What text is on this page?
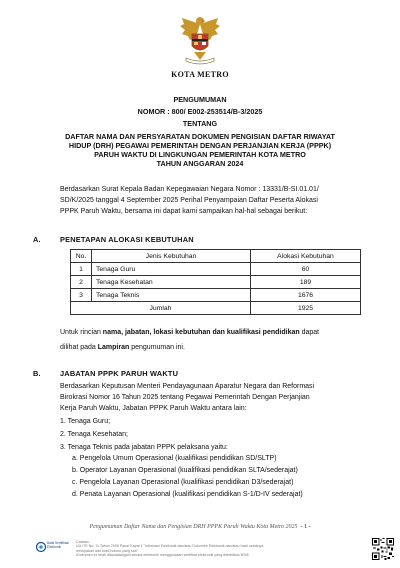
KOTA METRO
PENGUMUMAN
NOMOR : 800/ E002-253514/B-3/2025
TENTANG
DAFTAR NAMA DAN PERSYARATAN DOKUMEN PENGISIAN DAFTAR RIWAYAT
HIDUP (DRH) PEGAWAI PEMERINTAH DENGAN PERJANJIAN KERJA (PPPK)
PARUH WAKTU DI LINGKUNGAN PEMERINTAH KOTA METRO
TAHUN ANGGARAN 2024
Berdasarkan Surat Kepala Badan Kepegawaian Negara Nomor : 13331/B-SI.01.01/
SD/K/2025 tanggal 4 September 2025 Perihal Penyampaian Daftar Peserta Alokasi
PPPK Paruh Waktu, bersama ini dapat kami sampaikan hal-hal sebagai berikut:
A.	PENETAPAN ALOKASI KEBUTUHAN
No.	Jenis Kebutuhan	Alokasi Kebutuhan
1	Tenaga Guru	60
2	Tenaga Kesehatan	189
3	Tenaga Teknis	1676
Jumlah		1925
Untuk rincian nama, jabatan, lokasi kebutuhan dan kualifikasi pendidikan dapat
dilihat pada Lampiran pengumuman ini.
B.	JABATAN PPPK PARUH WAKTU
Berdasarkan Keputusan Menteri Pendayagunaan Aparatur Negara dan Reformasi
Birokrasi Nomor 16 Tahun 2025 tentang Pegawai Pemerintah Dengan Perjanjian
Kerja Paruh Waktu, Jabatan PPPK Paruh Waktu antara lain:
1. Tenaga Guru;
2. Tenaga Kesehatan;
3. Tenaga Teknis pada jabatan PPPK pelaksana yaitu:
a. Pengelola Umum Operasional (kualifikasi pendidikan SD/SLTP)
b. Operator Layanan Operasional (kualifikasi pendidikan SLTA/sederajat)
c. Pengelola Layanan Operasional (kualifikasi pendidikan D3/sederajat)
d. Penata Layanan Operasional (kualifikasi pendidikan S-1/D-IV sederajat)
Pengumuman Daftar Nama dan Pengisian DRH PPPK Paruh Waktu Kota Metro 2025 - 1 -
Balai Sertifikasi Elektronik
Catatan :
UU ITE No. 11 Tahun 2008 Pasal 5 ayat 1 "Informasi Elektronik dan/atau Dokumen Elektronik dan/atau hasil cetaknya
merupakan alat bukti hukum yang sah"
•Dokumen ini telah ditandatangani secara elektronik menggunakan sertifikat elektronik yang diterbitkan BSrE
